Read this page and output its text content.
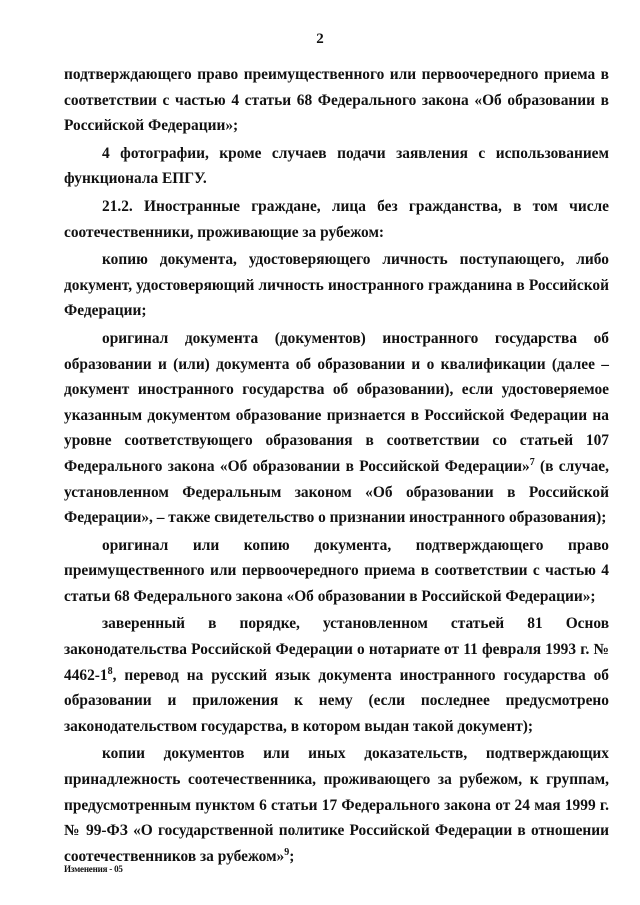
2

подтверждающего право преимущественного или первоочередного приема в соответствии с частью 4 статьи 68 Федерального закона «Об образовании в Российской Федерации»;

4 фотографии, кроме случаев подачи заявления с использованием функционала ЕПГУ.

21.2. Иностранные граждане, лица без гражданства, в том числе соотечественники, проживающие за рубежом:

копию документа, удостоверяющего личность поступающего, либо документ, удостоверяющий личность иностранного гражданина в Российской Федерации;

оригинал документа (документов) иностранного государства об образовании и (или) документа об образовании и о квалификации (далее – документ иностранного государства об образовании), если удостоверяемое указанным документом образование признается в Российской Федерации на уровне соответствующего образования в соответствии со статьей 107 Федерального закона «Об образовании в Российской Федерации»$^7$ (в случае, установленном Федеральным законом «Об образовании в Российской Федерации», – также свидетельство о признании иностранного образования);

оригинал или копию документа, подтверждающего право преимущественного или первоочередного приема в соответствии с частью 4 статьи 68 Федерального закона «Об образовании в Российской Федерации»;

заверенный в порядке, установленном статьей 81 Основ законодательства Российской Федерации о нотариате от 11 февраля 1993 г. № $4462-1^8$, перевод на русский язык документа иностранного государства об образовании и приложения к нему (если последнее предусмотрено законодательством государства, в котором выдан такой документ);

копии документов или иных доказательств, подтверждающих принадлежность соотечественника, проживающего за рубежом, к группам, предусмотренным пунктом 6 статьи 17 Федерального закона от 24 мая 1999 г. № 99-ФЗ «О государственной политике Российской Федерации в отношении соотечественников за рубежом»$^9$;

Изменения - 05
